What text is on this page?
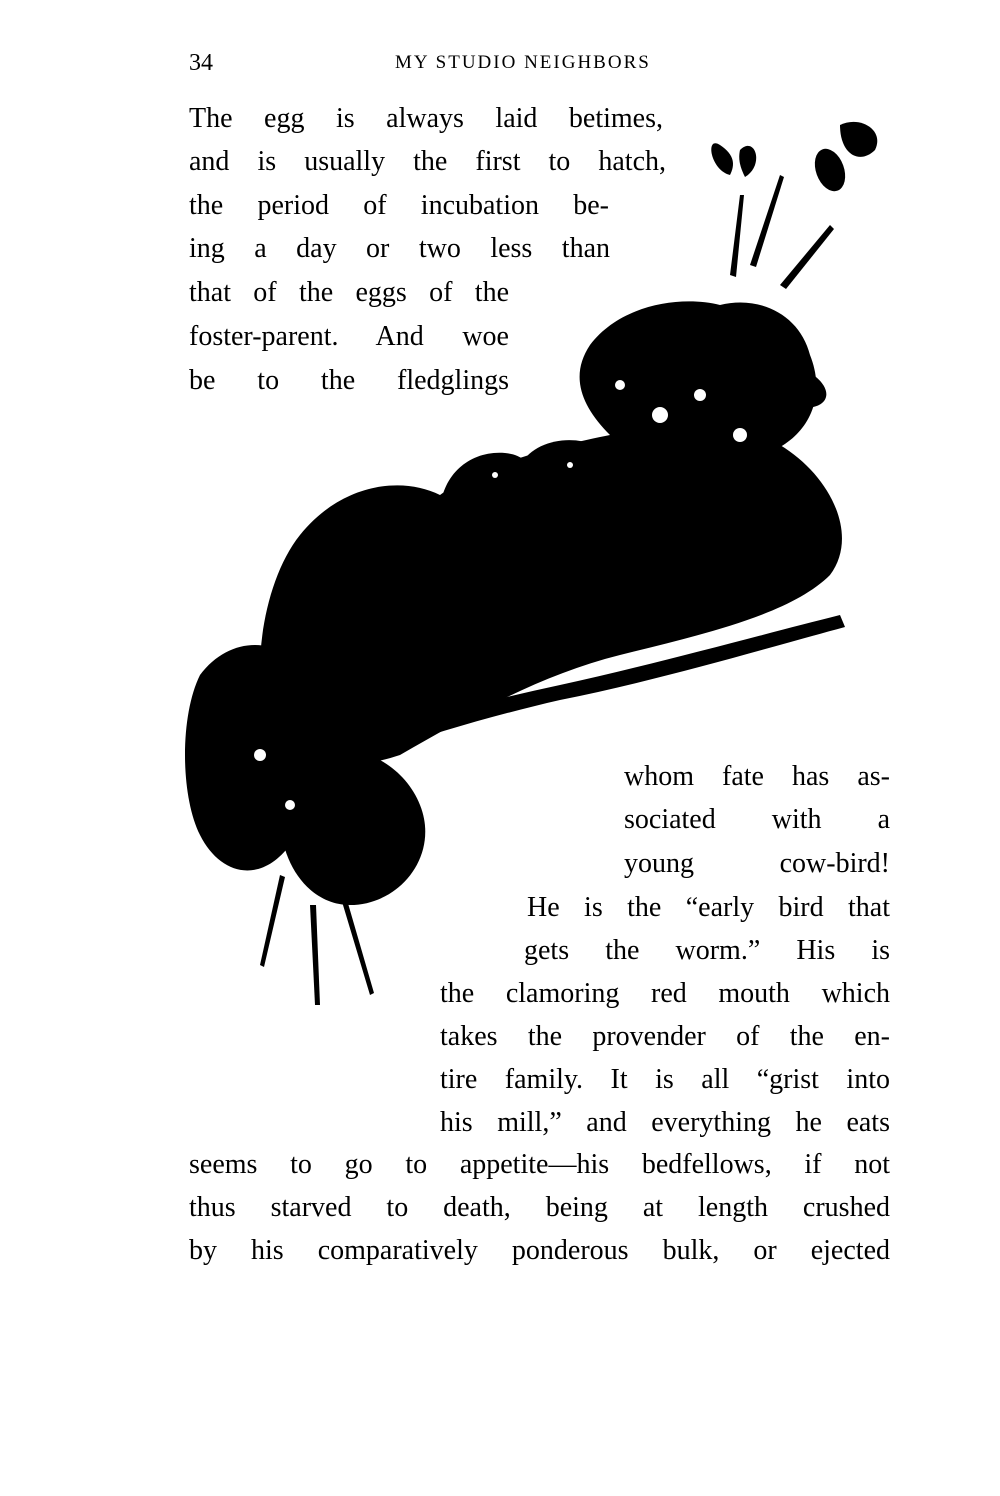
34	MY STUDIO NEIGHBORS
The egg is always laid betimes,
and is usually the first to hatch,
the period of incubation be-
ing a day or two less than
that of the eggs of the
foster-parent. And woe
be to the fledglings
whom fate has as-
sociated with a
young cow-bird!
He is the “early bird that
gets the worm.” His is
the clamoring red mouth which
takes the provender of the en-
tire family. It is all “grist into
his mill,” and everything he eats
seems to go to appetite—his bedfellows, if not
thus starved to death, being at length crushed
by his comparatively ponderous bulk, or ejected
